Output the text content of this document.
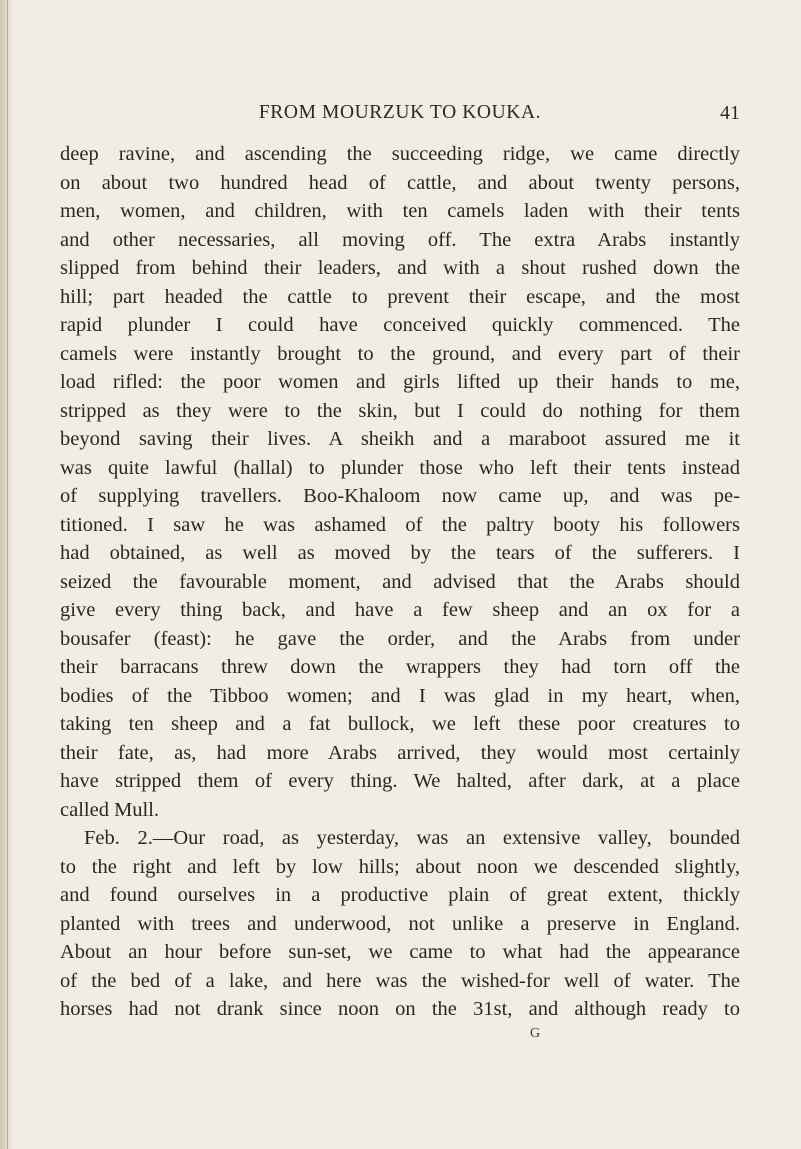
FROM MOURZUK TO KOUKA.	41
deep ravine, and ascending the succeeding ridge, we came directly
on about two hundred head of cattle, and about twenty persons,
men, women, and children, with ten camels laden with their tents
and other necessaries, all moving off. The extra Arabs instantly
slipped from behind their leaders, and with a shout rushed down the
hill; part headed the cattle to prevent their escape, and the most
rapid plunder I could have conceived quickly commenced. The
camels were instantly brought to the ground, and every part of their
load rifled: the poor women and girls lifted up their hands to me,
stripped as they were to the skin, but I could do nothing for them
beyond saving their lives. A sheikh and a maraboot assured me it
was quite lawful (hallal) to plunder those who left their tents instead
of supplying travellers. Boo-Khaloom now came up, and was pe-
titioned. I saw he was ashamed of the paltry booty his followers
had obtained, as well as moved by the tears of the sufferers. I
seized the favourable moment, and advised that the Arabs should
give every thing back, and have a few sheep and an ox for a
bousafer (feast): he gave the order, and the Arabs from under
their barracans threw down the wrappers they had torn off the
bodies of the Tibboo women; and I was glad in my heart, when,
taking ten sheep and a fat bullock, we left these poor creatures to
their fate, as, had more Arabs arrived, they would most certainly
have stripped them of every thing. We halted, after dark, at a place
called Mull.
Feb. 2.—Our road, as yesterday, was an extensive valley, bounded
to the right and left by low hills; about noon we descended slightly,
and found ourselves in a productive plain of great extent, thickly
planted with trees and underwood, not unlike a preserve in England.
About an hour before sun-set, we came to what had the appearance
of the bed of a lake, and here was the wished-for well of water. The
horses had not drank since noon on the 31st, and although ready to
G
